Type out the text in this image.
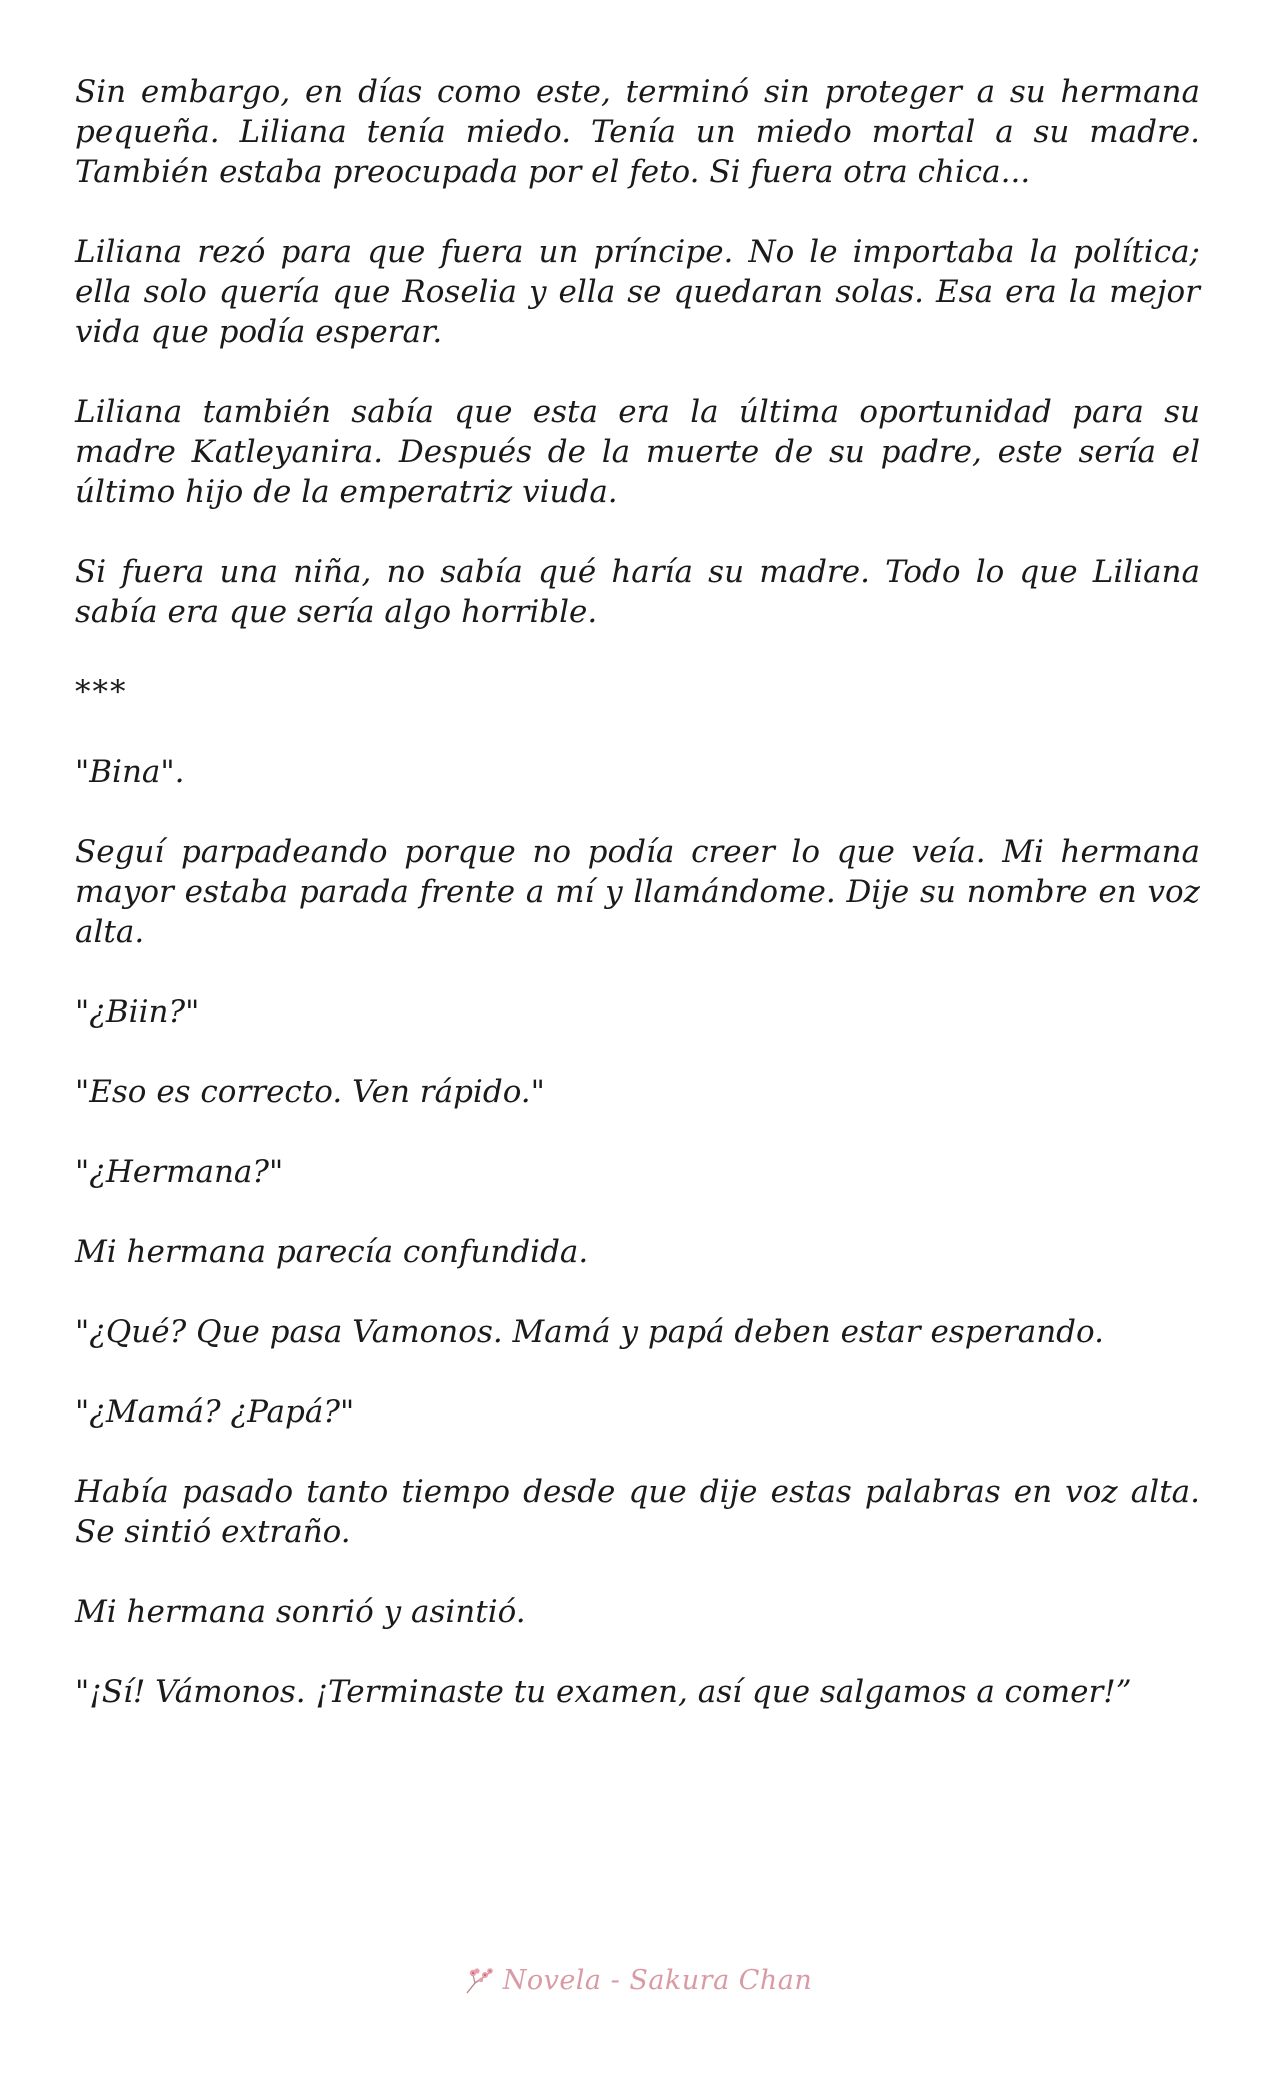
Sin embargo, en días como este, terminó sin proteger a su hermana pequeña. Liliana tenía miedo. Tenía un miedo mortal a su madre. También estaba preocupada por el feto. Si fuera otra chica...

Liliana rezó para que fuera un príncipe. No le importaba la política; ella solo quería que Roselia y ella se quedaran solas. Esa era la mejor vida que podía esperar.

Liliana también sabía que esta era la última oportunidad para su madre Katleyanira. Después de la muerte de su padre, este sería el último hijo de la emperatriz viuda.

Si fuera una niña, no sabía qué haría su madre. Todo lo que Liliana sabía era que sería algo horrible.

***

"Bina".

Seguí parpadeando porque no podía creer lo que veía. Mi hermana mayor estaba parada frente a mí y llamándome. Dije su nombre en voz alta.

"¿Biin?"

"Eso es correcto. Ven rápido."

"¿Hermana?"

Mi hermana parecía confundida.

"¿Qué? Que pasa Vamonos. Mamá y papá deben estar esperando.

"¿Mamá? ¿Papá?"

Había pasado tanto tiempo desde que dije estas palabras en voz alta. Se sintió extraño.

Mi hermana sonrió y asintió.

"¡Sí! Vámonos. ¡Terminaste tu examen, así que salgamos a comer!”

Novela - Sakura Chan
